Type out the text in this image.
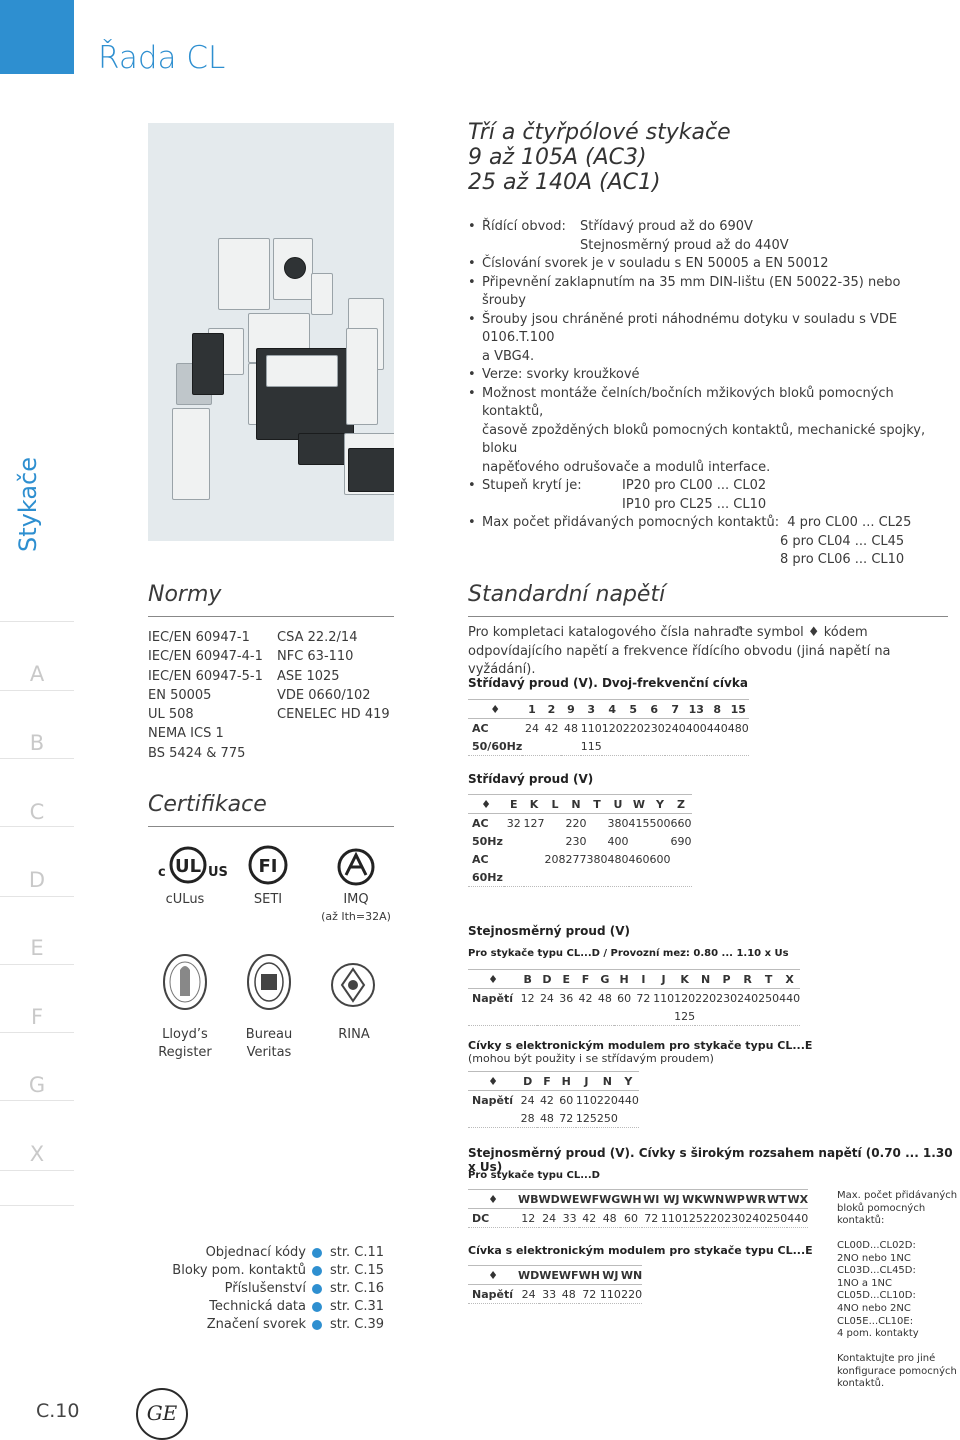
Řada CL
Stykače
A
B
C
D
E
F
G
X
Tří a čtyřpólové stykače
9 až 105A (AC3)
25 až 140A (AC1)
• Řídící obvod: Střídavý proud až do 690V
Stejnosměrný proud až do 440V
• Číslování svorek je v souladu s EN 50005 a EN 50012
• Připevnění zaklapnutím na 35 mm DIN-lištu (EN 50022-35) nebo šrouby
• Šrouby jsou chráněné proti náhodnému dotyku v souladu s VDE 0106.T.100
a VBG4.
• Verze: svorky kroužkové
• Možnost montáže čelních/bočních mžikových bloků pomocných kontaktů,
časově zpožděných bloků pomocných kontaktů, mechanické spojky, bloku
napěťového odrušovače a modulů interface.
• Stupeň krytí je:	IP20 pro CL00 ... CL02
IP10 pro CL25 ... CL10
• Max počet přidávaných pomocných kontaktů: 4 pro CL00 ... CL25
6 pro CL04 ... CL45
8 pro CL06 ... CL10
Normy
IEC/EN 60947-1
IEC/EN 60947-4-1
IEC/EN 60947-5-1
EN 50005
UL 508
NEMA ICS 1
BS 5424 & 775
CSA 22.2/14
NFC 63-110
ASE 1025
VDE 0660/102
CENELEC HD 419
Certifikace
UL
c	US FI
cULus	SETI	IMQ
(až Ith=32A)
Lloyd’s
Register
Bureau
Veritas
RINA
Objednací kódy str. C.11
Bloky pom. kontaktů str. C.15
Příslušenství str. C.16
Technická data str. C.31
Značení svorek str. C.39
C.10	GE
Standardní napětí
Pro kompletaci katalogového čísla nahraďte symbol ♦ kódem odpovídajícího napětí a frekvence řídícího obvodu (jiná napětí na vyžádání).
Střídavý proud (V). Dvoj-frekvenční cívka
♦	1	2	9	3	4	5	6	7	13	8	15
AC	24	42	48	110	120	220	230	240	400	440	480
50/60Hz				115							
Střídavý proud (V)
♦	E	K	L	N	T	U	W	Y	Z
AC	32	127		220		380	415	500	660
50Hz				230		400			690
AC			208	277	380	480	460	600	
60Hz									
Stejnosměrný proud (V)
Pro stykače typu CL...D / Provozní mez: 0.80 ... 1.10 x Us
♦	B	D	E	F	G	H	I	J	K	N	P	R	T	X
Napětí	12	24	36	42	48	60	72	110	120	220	230	240	250	440
									125					
Cívky s elektronickým modulem pro stykače typu CL...E
(mohou být použity i se střídavým proudem)
♦	D	F	H	J	N	Y
Napětí	24	42	60	110	220	440
	28	48	72	125	250	
Stejnosměrný proud (V). Cívky s širokým rozsahem napětí (0.70 ... 1.30 x Us)
Pro stykače typu CL...D
♦	WB	WD	WE	WF	WG	WH	WI	WJ	WK	WN	WP	WR	WT	WX
DC	12	24	33	42	48	60	72	110	125	220	230	240	250	440
Cívka s elektronickým modulem pro stykače typu CL...E
♦	WD	WE	WF	WH	WJ	WN
Napětí	24	33	48	72	110	220
Max. počet přidávaných
bloků pomocných
kontaktů:
CL00D...CL02D:
2NO nebo 1NC
CL03D...CL45D:
1NO a 1NC
CL05D...CL10D:
4NO nebo 2NC
CL05E...CL10E:
4 pom. kontakty
Kontaktujte pro jiné
konfigurace pomocných
kontaktů.
